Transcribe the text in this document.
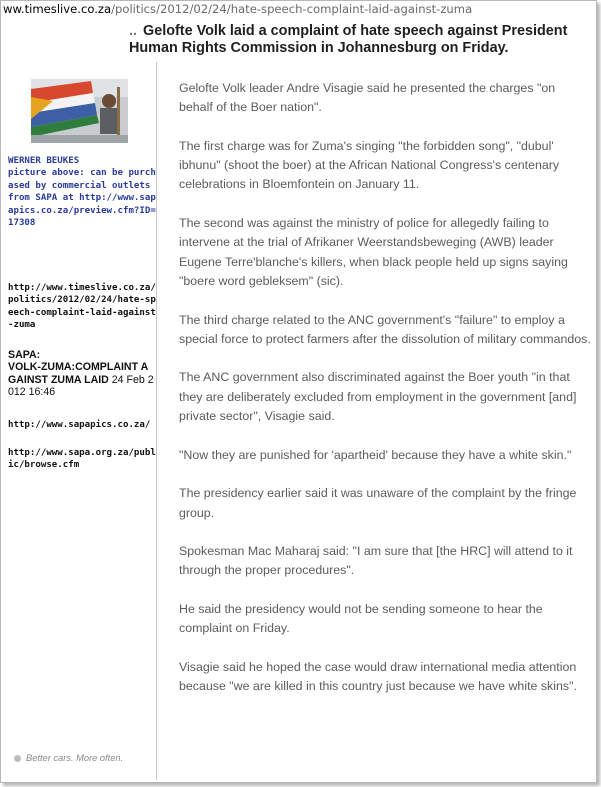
ww.timeslive.co.za/politics/2012/02/24/hate-speech-complaint-laid-against-zuma
.. Gelofte Volk laid a complaint of hate speech against President Human Rights Commission in Johannesburg on Friday.
WERNER BEUKES
picture above: can be purchased by commercial outlets from SAPA at http://www.sapapics.co.za/preview.cfm?ID=17308
http://www.timeslive.co.za/politics/2012/02/24/hate-speech-complaint-laid-against-zuma
SAPA:
VOLK-ZUMA:COMPLAINT AGAINST ZUMA LAID 24 Feb 2012 16:46
http://www.sapapics.co.za/
http://www.sapa.org.za/public/browse.cfm
Better cars. More often.

Gelofte Volk leader Andre Visagie said he presented the charges "on behalf of the Boer nation".

The first charge was for Zuma's singing "the forbidden song", "dubul' ibhunu" (shoot the boer) at the African National Congress's centenary celebrations in Bloemfontein on January 11.

The second was against the ministry of police for allegedly failing to intervene at the trial of Afrikaner Weerstandsbeweging (AWB) leader Eugene Terre'blanche's killers, when black people held up signs saying "boere word gebleksem" (sic).

The third charge related to the ANC government's "failure" to employ a special force to protect farmers after the dissolution of military commandos.

The ANC government also discriminated against the Boer youth "in that they are deliberately excluded from employment in the government [and] private sector", Visagie said.

"Now they are punished for 'apartheid' because they have a white skin."

The presidency earlier said it was unaware of the complaint by the fringe group.

Spokesman Mac Maharaj said: "I am sure that [the HRC] will attend to it through the proper procedures".

He said the presidency would not be sending someone to hear the complaint on Friday.

Visagie said he hoped the case would draw international media attention because "we are killed in this country just because we have white skins".
